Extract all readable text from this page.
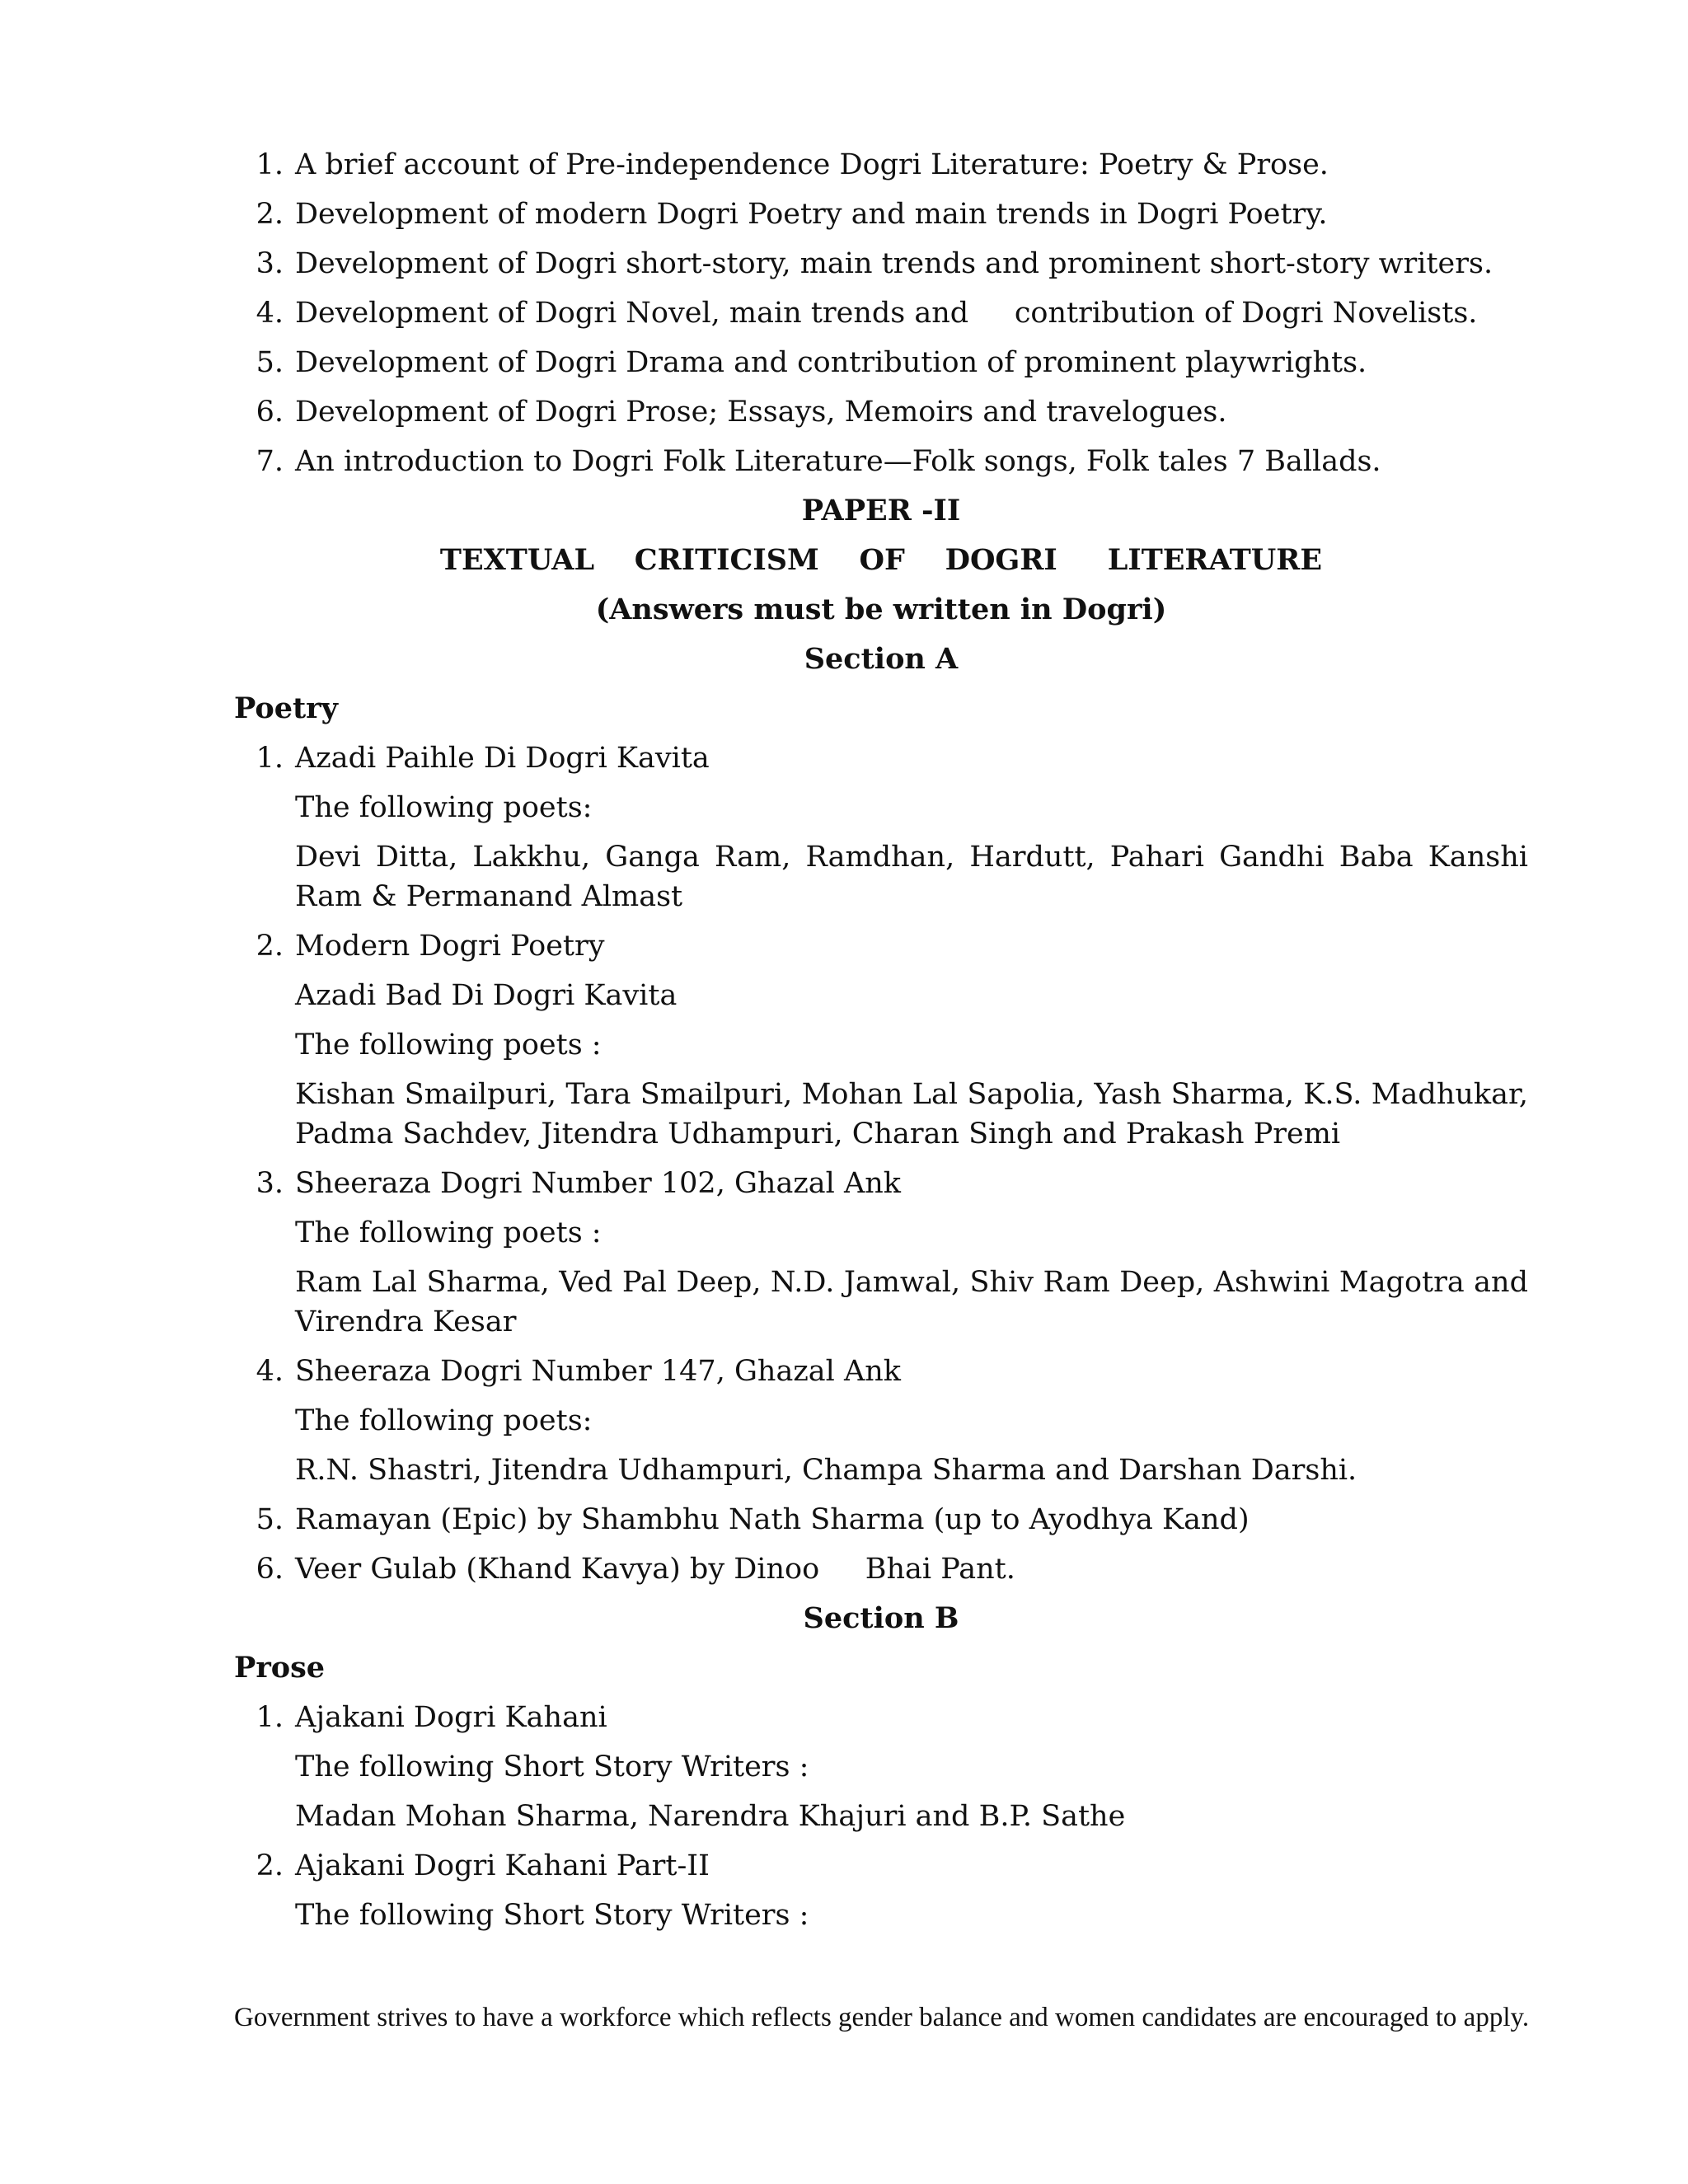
1. A brief account of Pre-independence Dogri Literature: Poetry & Prose.
2. Development of modern Dogri Poetry and main trends in Dogri Poetry.
3. Development of Dogri short-story, main trends and prominent short-story writers.
4. Development of Dogri Novel, main trends and     contribution of Dogri Novelists.
5. Development of Dogri Drama and contribution of prominent playwrights.
6. Development of Dogri Prose; Essays, Memoirs and travelogues.
7. An introduction to Dogri Folk Literature—Folk songs, Folk tales 7 Ballads.
PAPER -II
TEXTUAL    CRITICISM    OF    DOGRI     LITERATURE
(Answers must be written in Dogri)
Section A
Poetry
1. Azadi Paihle Di Dogri Kavita
The following poets:
Devi Ditta, Lakkhu, Ganga Ram, Ramdhan, Hardutt, Pahari Gandhi Baba Kanshi Ram & Permanand Almast
2. Modern Dogri Poetry
Azadi Bad Di Dogri Kavita
The following poets :
Kishan Smailpuri, Tara Smailpuri, Mohan Lal Sapolia, Yash Sharma, K.S. Madhukar, Padma Sachdev, Jitendra Udhampuri, Charan Singh and Prakash Premi
3. Sheeraza Dogri Number 102, Ghazal Ank
The following poets :
Ram Lal Sharma, Ved Pal Deep, N.D. Jamwal, Shiv Ram Deep, Ashwini Magotra and Virendra Kesar
4. Sheeraza Dogri Number 147, Ghazal Ank
The following poets:
R.N. Shastri, Jitendra Udhampuri, Champa Sharma and Darshan Darshi.
5. Ramayan (Epic) by Shambhu Nath Sharma (up to Ayodhya Kand)
6. Veer Gulab (Khand Kavya) by Dinoo     Bhai Pant.
Section B
Prose
1. Ajakani Dogri Kahani
The following Short Story Writers :
Madan Mohan Sharma, Narendra Khajuri and B.P. Sathe
2. Ajakani Dogri Kahani Part-II
The following Short Story Writers :
Government strives to have a workforce which reflects gender balance and women candidates are encouraged to apply.
